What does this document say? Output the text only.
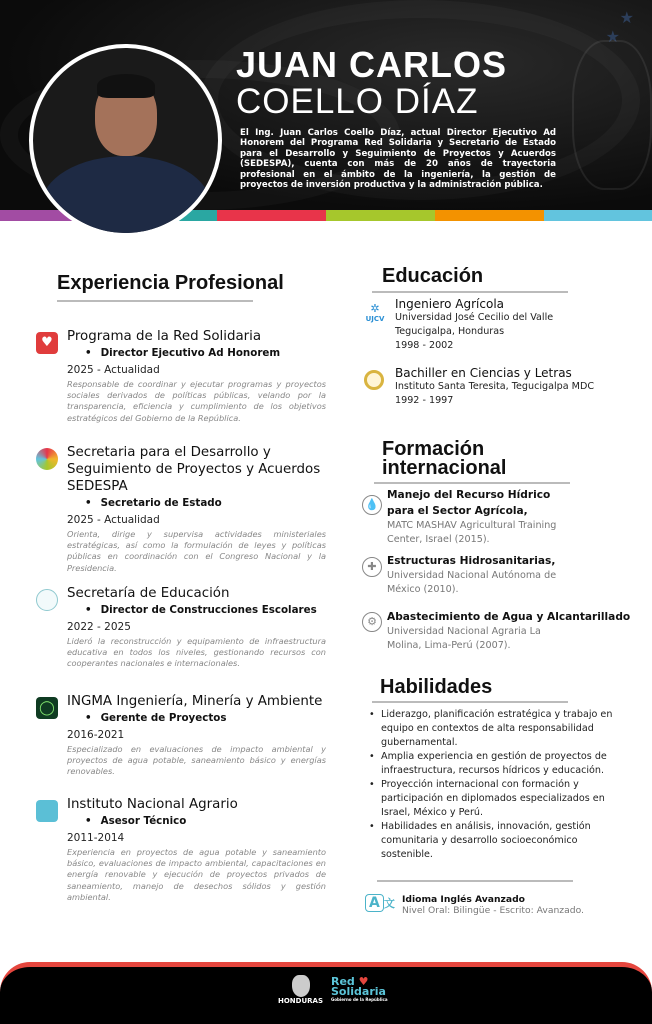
★
★
JUAN CARLOS
COELLO DÍAZ
El Ing. Juan Carlos Coello Díaz, actual Director Ejecutivo Ad Honorem del Programa Red Solidaria y Secretario de Estado para el Desarrollo y Seguimiento de Proyectos y Acuerdos (SEDESPA), cuenta con más de 20 años de trayectoria profesional en el ámbito de la ingeniería, la gestión de proyectos de inversión productiva y la administración pública.
Experiencia Profesional
♥	Programa de la Red Solidaria
• Director Ejecutivo Ad Honorem
2025 - Actualidad
Responsable de coordinar y ejecutar programas y proyectos sociales derivados de políticas públicas, velando por la transparencia, eficiencia y cumplimiento de los objetivos estratégicos del Gobierno de la República.
Secretaria para el Desarrollo y Seguimiento de Proyectos y Acuerdos SEDESPA
• Secretario de Estado
2025 - Actualidad
Orienta, dirige y supervisa actividades ministeriales estratégicas, así como la formulación de leyes y políticas públicas en coordinación con el Congreso Nacional y la Presidencia.
Secretaría de Educación
• Director de Construcciones Escolares
2022 - 2025
Lideró la reconstrucción y equipamiento de infraestructura educativa en todos los niveles, gestionando recursos con cooperantes nacionales e internacionales.
◯ INGMA Ingeniería, Minería y Ambiente
• Gerente de Proyectos
2016-2021
Especializado en evaluaciones de impacto ambiental y proyectos de agua potable, saneamiento básico y energías renovables.
Instituto Nacional Agrario
• Asesor Técnico
2011-2014
Experiencia en proyectos de agua potable y saneamiento básico, evaluaciones de impacto ambiental, capacitaciones en energía renovable y ejecución de proyectos privados de saneamiento, manejo de desechos sólidos y gestión ambiental.
Educación
✲
UJCV
Ingeniero Agrícola
Universidad José Cecilio del Valle
Tegucigalpa, Honduras
1998 - 2002
Bachiller en Ciencias y Letras
Instituto Santa Teresita, Tegucigalpa MDC
1992 - 1997
Formación
internacional
💧
Manejo del Recurso Hídrico para el Sector Agrícola,
MATC MASHAV Agricultural Training Center, Israel (2015).
✚ Estructuras Hidrosanitarias,
Universidad Nacional Autónoma de México (2010).
⚙ Abastecimiento de Agua y Alcantarillado
Universidad Nacional Agraria La Molina, Lima-Perú (2007).
Habilidades
• Liderazgo, planificación estratégica y trabajo en equipo en contextos de alta responsabilidad gubernamental.
• Amplia experiencia en gestión de proyectos de infraestructura, recursos hídricos y educación.
• Proyección internacional con formación y participación en diplomados especializados en Israel, México y Perú.
• Habilidades en análisis, innovación, gestión comunitaria y desarrollo socioeconómico sostenible.
A $^文$ Idioma Inglés Avanzado
Nivel Oral: Bilingüe - Escrito: Avanzado.
HONDURAS
Red ♥
Solidaria
Gobierno de la República
